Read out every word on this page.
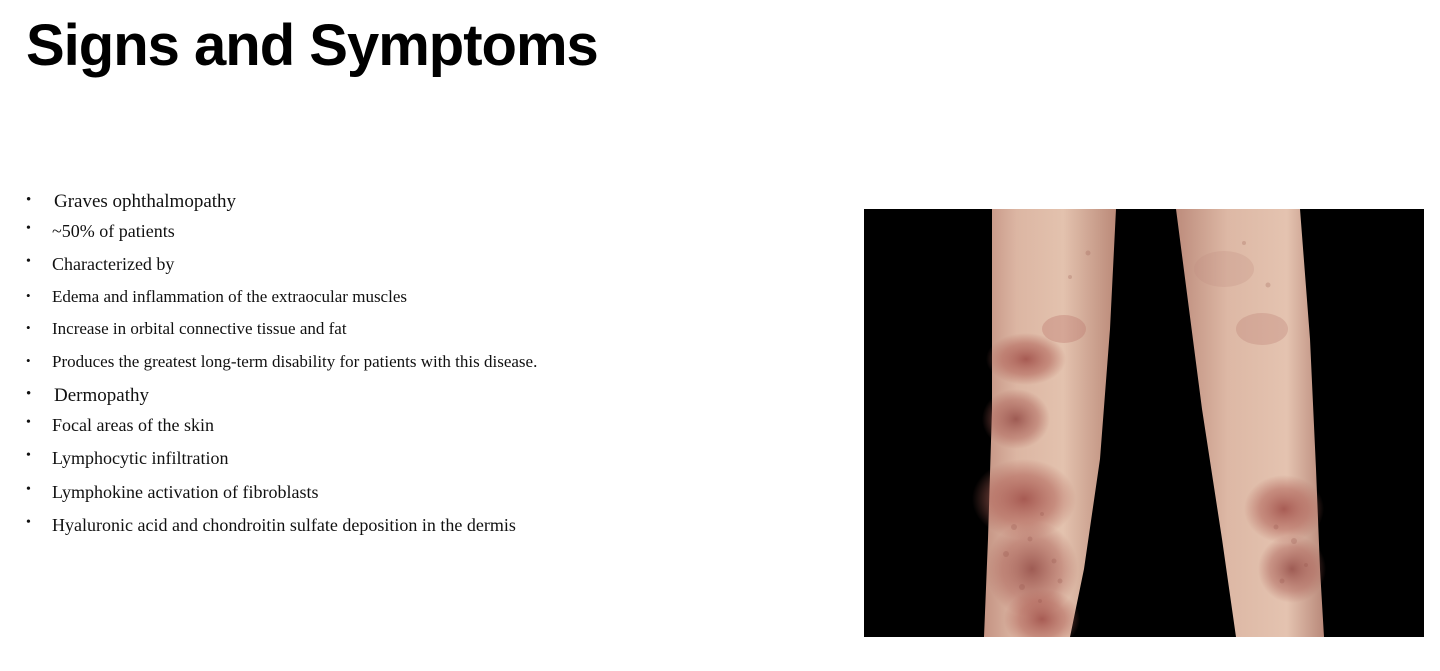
Signs and Symptoms
•	Graves ophthalmopathy
•	~50% of patients
•	Characterized by
•	Edema and inflammation of the extraocular muscles
•	Increase in orbital connective tissue and fat
•	Produces the greatest long-term disability for patients with this disease.
•	Dermopathy
•	Focal areas of the skin
•	Lymphocytic infiltration
•	Lymphokine activation of fibroblasts
•	Hyaluronic acid and chondroitin sulfate deposition in the dermis
